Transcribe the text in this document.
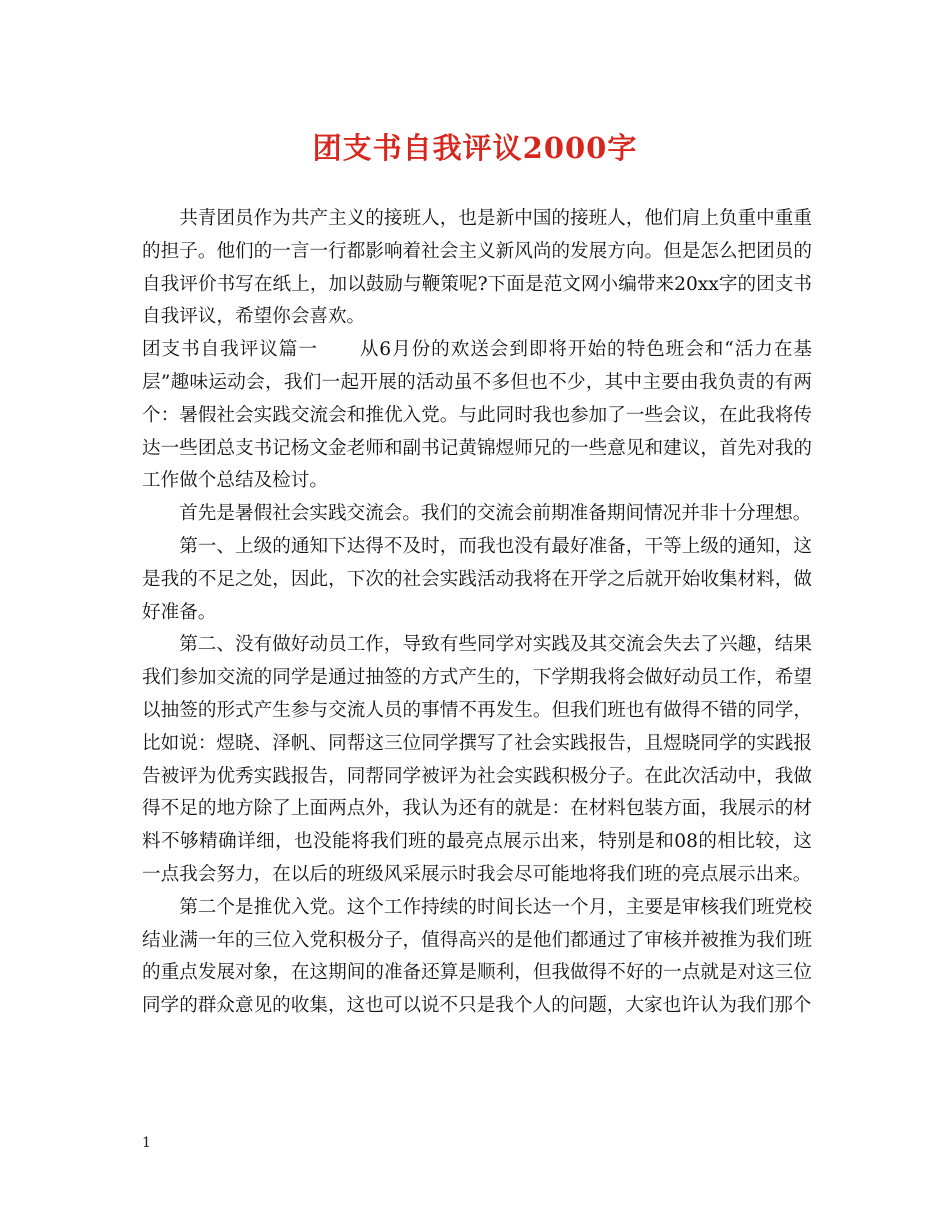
团支书自我评议2000字

共青团员作为共产主义的接班人，也是新中国的接班人，他们肩上负重中重重的担子。他们的一言一行都影响着社会主义新风尚的发展方向。但是怎么把团员的自我评价书写在纸上，加以鼓励与鞭策呢?下面是范文网小编带来20xx字的团支书自我评议，希望你会喜欢。

团支书自我评议篇一 从6月份的欢送会到即将开始的特色班会和“活力在基层”趣味运动会，我们一起开展的活动虽不多但也不少，其中主要由我负责的有两个：暑假社会实践交流会和推优入党。与此同时我也参加了一些会议，在此我将传达一些团总支书记杨文金老师和副书记黄锦煜师兄的一些意见和建议，首先对我的工作做个总结及检讨。

首先是暑假社会实践交流会。我们的交流会前期准备期间情况并非十分理想。

第一、上级的通知下达得不及时，而我也没有最好准备，干等上级的通知，这是我的不足之处，因此，下次的社会实践活动我将在开学之后就开始收集材料，做好准备。

第二、没有做好动员工作，导致有些同学对实践及其交流会失去了兴趣，结果我们参加交流的同学是通过抽签的方式产生的，下学期我将会做好动员工作，希望以抽签的形式产生参与交流人员的事情不再发生。但我们班也有做得不错的同学，比如说：煜晓、泽帆、同帮这三位同学撰写了社会实践报告，且煜晓同学的实践报告被评为优秀实践报告，同帮同学被评为社会实践积极分子。在此次活动中，我做得不足的地方除了上面两点外，我认为还有的就是：在材料包装方面，我展示的材料不够精确详细，也没能将我们班的最亮点展示出来，特别是和08的相比较，这一点我会努力，在以后的班级风采展示时我会尽可能地将我们班的亮点展示出来。

第二个是推优入党。这个工作持续的时间长达一个月，主要是审核我们班党校结业满一年的三位入党积极分子，值得高兴的是他们都通过了审核并被推为我们班的重点发展对象，在这期间的准备还算是顺利，但我做得不好的一点就是对这三位同学的群众意见的收集，这也可以说不只是我个人的问题，大家也许认为我们那个

1
